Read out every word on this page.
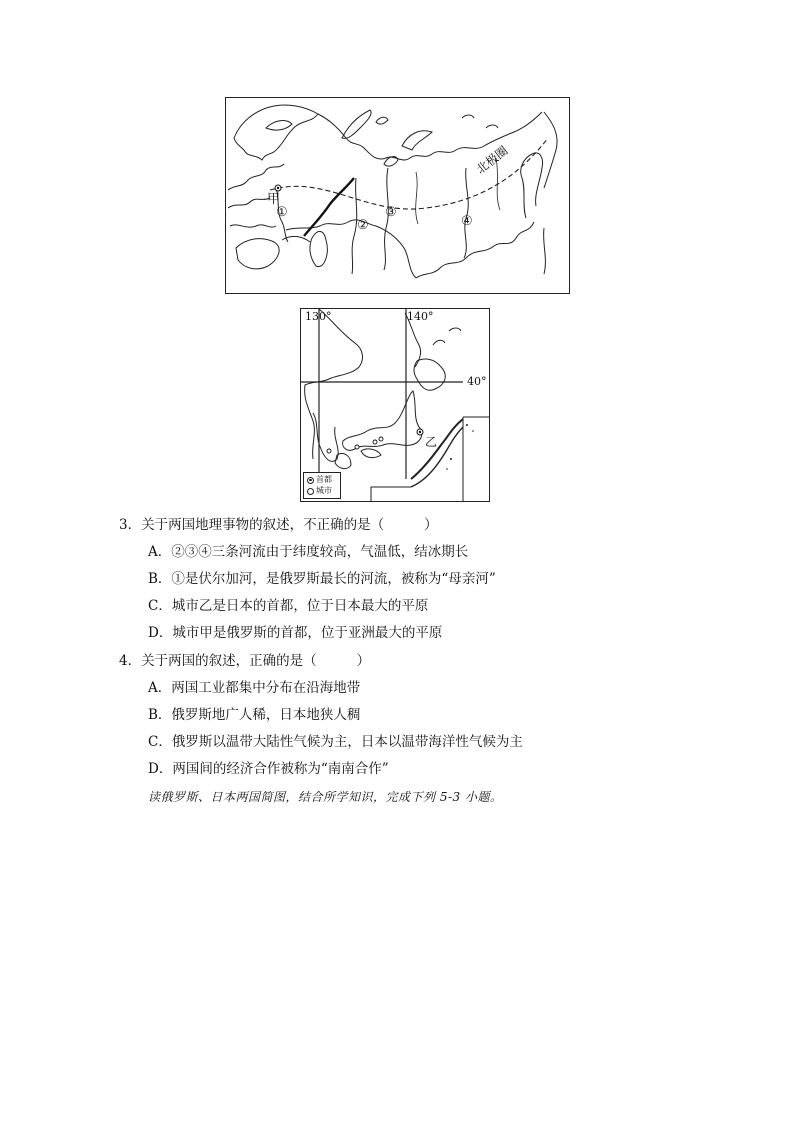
北极圈
甲
①
②
③
④
130°	140°
40°
乙
首都
城市
3．关于两国地理事物的叙述，不正确的是（	）
A．②③④三条河流由于纬度较高，气温低，结冰期长
B．①是伏尔加河，是俄罗斯最长的河流，被称为“母亲河”
C．城市乙是日本的首都，位于日本最大的平原
D．城市甲是俄罗斯的首都，位于亚洲最大的平原
4．关于两国的叙述，正确的是（	）
A．两国工业都集中分布在沿海地带
B．俄罗斯地广人稀，日本地狭人稠
C．俄罗斯以温带大陆性气候为主，日本以温带海洋性气候为主
D．两国间的经济合作被称为“南南合作”
读俄罗斯、日本两国简图，结合所学知识，完成下列 5-3 小题。
